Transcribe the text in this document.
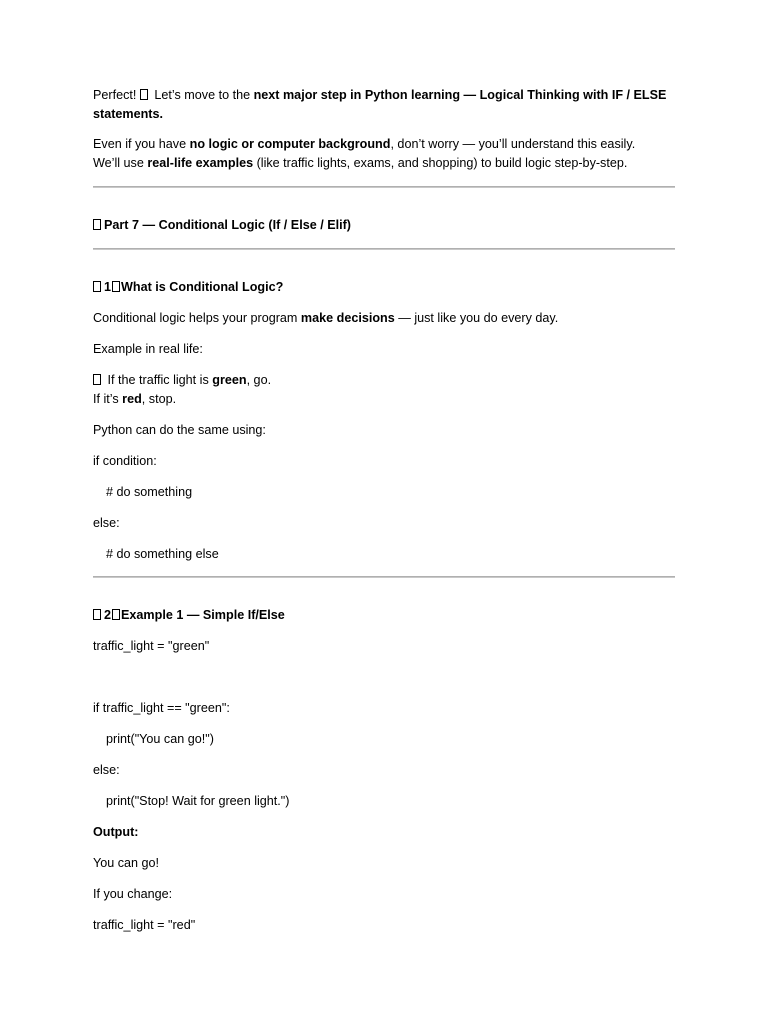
Perfect!  Let’s move to the next major step in Python learning — Logical Thinking with IF / ELSE

statements.

Even if you have no logic or computer background, don’t worry — you’ll understand this easily.

We’ll use real-life examples (like traffic lights, exams, and shopping) to build logic step-by-step.

Part 7 — Conditional Logic (If / Else / Elif)

1 What is Conditional Logic?

Conditional logic helps your program make decisions — just like you do every day.

Example in real life:

If the traffic light is green, go.

If it’s red, stop.

Python can do the same using:

if condition:

# do something

else:

# do something else

2 Example 1 — Simple If/Else

traffic_light = "green"

if traffic_light == "green":

print("You can go!")

else:

print("Stop! Wait for green light.")

Output:

You can go!

If you change:

traffic_light = "red"
